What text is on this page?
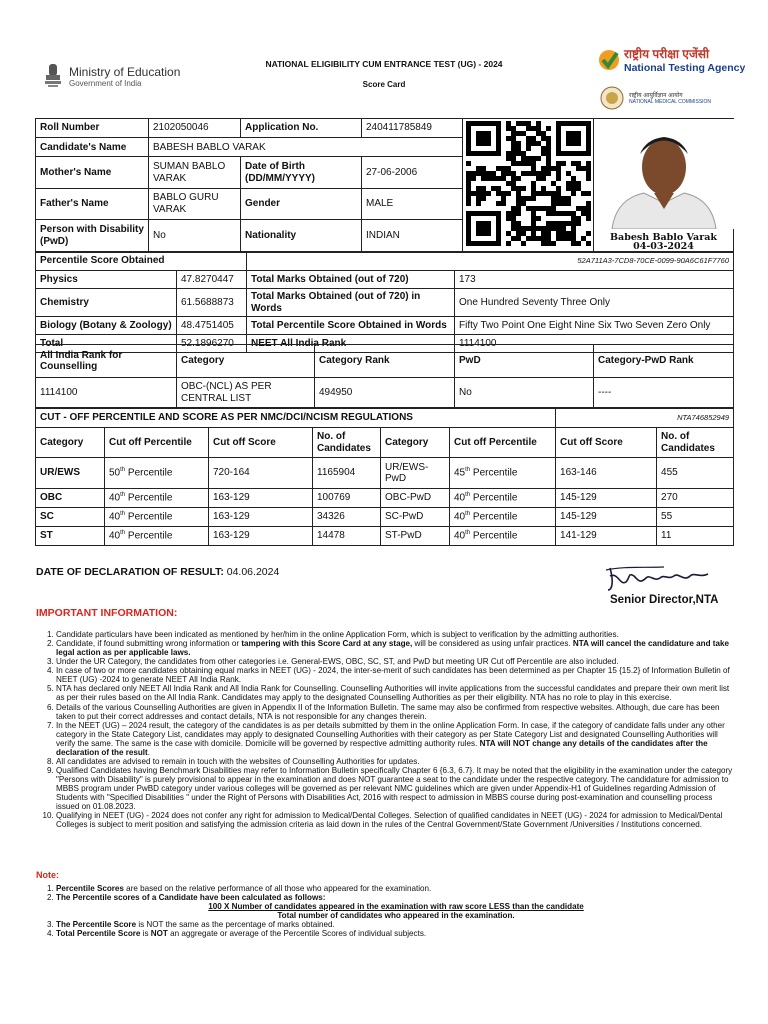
Ministry of Education
Government of India
NATIONAL ELIGIBILITY CUM ENTRANCE TEST (UG) - 2024
Score Card
राष्ट्रीय परीक्षा एजेंसी
National Testing Agency
राष्ट्रीय आयुर्विज्ञान आयोग
NATIONAL MEDICAL COMMISSION
Roll Number	2102050046	Application No.	240411785849		Babesh Bablo Varak
04-03-2024

Candidate's Name	BABESH BABLO VARAK				
Mother's Name	SUMAN BABLO VARAK	Date of Birth (DD/MM/YYYY)	27-06-2006		
Father's Name	BABLO GURU VARAK	Gender	MALE		
Person with Disability (PwD)	No	Nationality	INDIAN		

Percentile Score Obtained		52A711A3-7CD8-70CE-0099-90A6C61F7760	
Physics	47.8270447	Total Marks Obtained (out of 720)	173
Chemistry	61.5688873	Total Marks Obtained (out of 720) in Words	One Hundred Seventy Three Only
Biology (Botany & Zoology)	48.4751405	Total Percentile Score Obtained in Words	Fifty Two Point One Eight Nine Six Two Seven Zero Only
Total	52.1896270	NEET All India Rank	1114100
All India Rank for Counselling	Category	Category Rank	PwD	Category-PwD Rank
1114100	OBC-(NCL) AS PER CENTRAL LIST	494950	No	----
CUT - OFF PERCENTILE AND SCORE AS PER NMC/DCI/NCISM REGULATIONS						NTA746852949	
Category	Cut off Percentile	Cut off Score	No. of Candidates	Category	Cut off Percentile	Cut off Score	No. of Candidates
UR/EWS	50th Percentile	720-164	1165904	UR/EWS-PwD	45th Percentile	163-146	455
OBC	40th Percentile	163-129	100769	OBC-PwD	40th Percentile	145-129	270
SC	40th Percentile	163-129	34326	SC-PwD	40th Percentile	145-129	55
ST	40th Percentile	163-129	14478	ST-PwD	40th Percentile	141-129	11
DATE OF DECLARATION OF RESULT: 04.06.2024
Senior Director,NTA
IMPORTANT INFORMATION:
1. Candidate particulars have been indicated as mentioned by her/him in the online Application Form, which is subject to verification by the admitting authorities.
2. Candidate, if found submitting wrong information or tampering with this Score Card at any stage, will be considered as using unfair practices. NTA will cancel the candidature and take legal action as per applicable laws.
3. Under the UR Category, the candidates from other categories i.e. General-EWS, OBC, SC, ST, and PwD but meeting UR Cut off Percentile are also included.
4. In case of two or more candidates obtaining equal marks in NEET (UG) - 2024, the inter-se-merit of such candidates has been determined as per Chapter 15 {15.2} of Information Bulletin of NEET (UG) -2024 to generate NEET All India Rank.
5. NTA has declared only NEET All India Rank and All India Rank for Counselling. Counselling Authorities will invite applications from the successful candidates and prepare their own merit list as per their rules based on the All India Rank. Candidates may apply to the designated Counselling Authorities as per their eligibility. NTA has no role to play in this exercise.
6. Details of the various Counselling Authorities are given in Appendix II of the Information Bulletin. The same may also be confirmed from respective websites. Although, due care has been taken to put their correct addresses and contact details, NTA is not responsible for any changes therein.
7. In the NEET (UG) – 2024 result, the category of the candidates is as per details submitted by them in the online Application Form. In case, if the category of candidate falls under any other category in the State Category List, candidates may apply to designated Counselling Authorities with their category as per State Category List and designated Counselling Authorities will verify the same. The same is the case with domicile. Domicile will be governed by respective admitting authority rules. NTA will NOT change any details of the candidates after the declaration of the result.
8. All candidates are advised to remain in touch with the websites of Counselling Authorities for updates.
9. Qualified Candidates having Benchmark Disabilities may refer to Information Bulletin specifically Chapter 6 {6.3, 6.7}. It may be noted that the eligibility in the examination under the category "Persons with Disability" is purely provisional to appear in the examination and does NOT guarantee a seat to the candidate under the respective category. The candidature for admission to MBBS program under PwBD category under various colleges will be governed as per relevant NMC guidelines which are given under Appendix-H1 of Guidelines regarding Admission of Students with "Specified Disabilities " under the Right of Persons with Disabilities Act, 2016 with respect to admission in MBBS course during post-examination and counselling process issued on 01.08.2023.
10. Qualifying in NEET (UG) - 2024 does not confer any right for admission to Medical/Dental Colleges. Selection of qualified candidates in NEET (UG) - 2024 for admission to Medical/Dental Colleges is subject to merit position and satisfying the admission criteria as laid down in the rules of the Central Government/State Government /Universities / Institutions concerned.
Note:
1. Percentile Scores are based on the relative performance of all those who appeared for the examination.
2. The Percentile scores of a Candidate have been calculated as follows:
100 X Number of candidates appeared in the examination with raw score LESS than the candidate
Total number of candidates who appeared in the examination.
3. The Percentile Score is NOT the same as the percentage of marks obtained.
4. Total Percentile Score is NOT an aggregate or average of the Percentile Scores of individual subjects.
